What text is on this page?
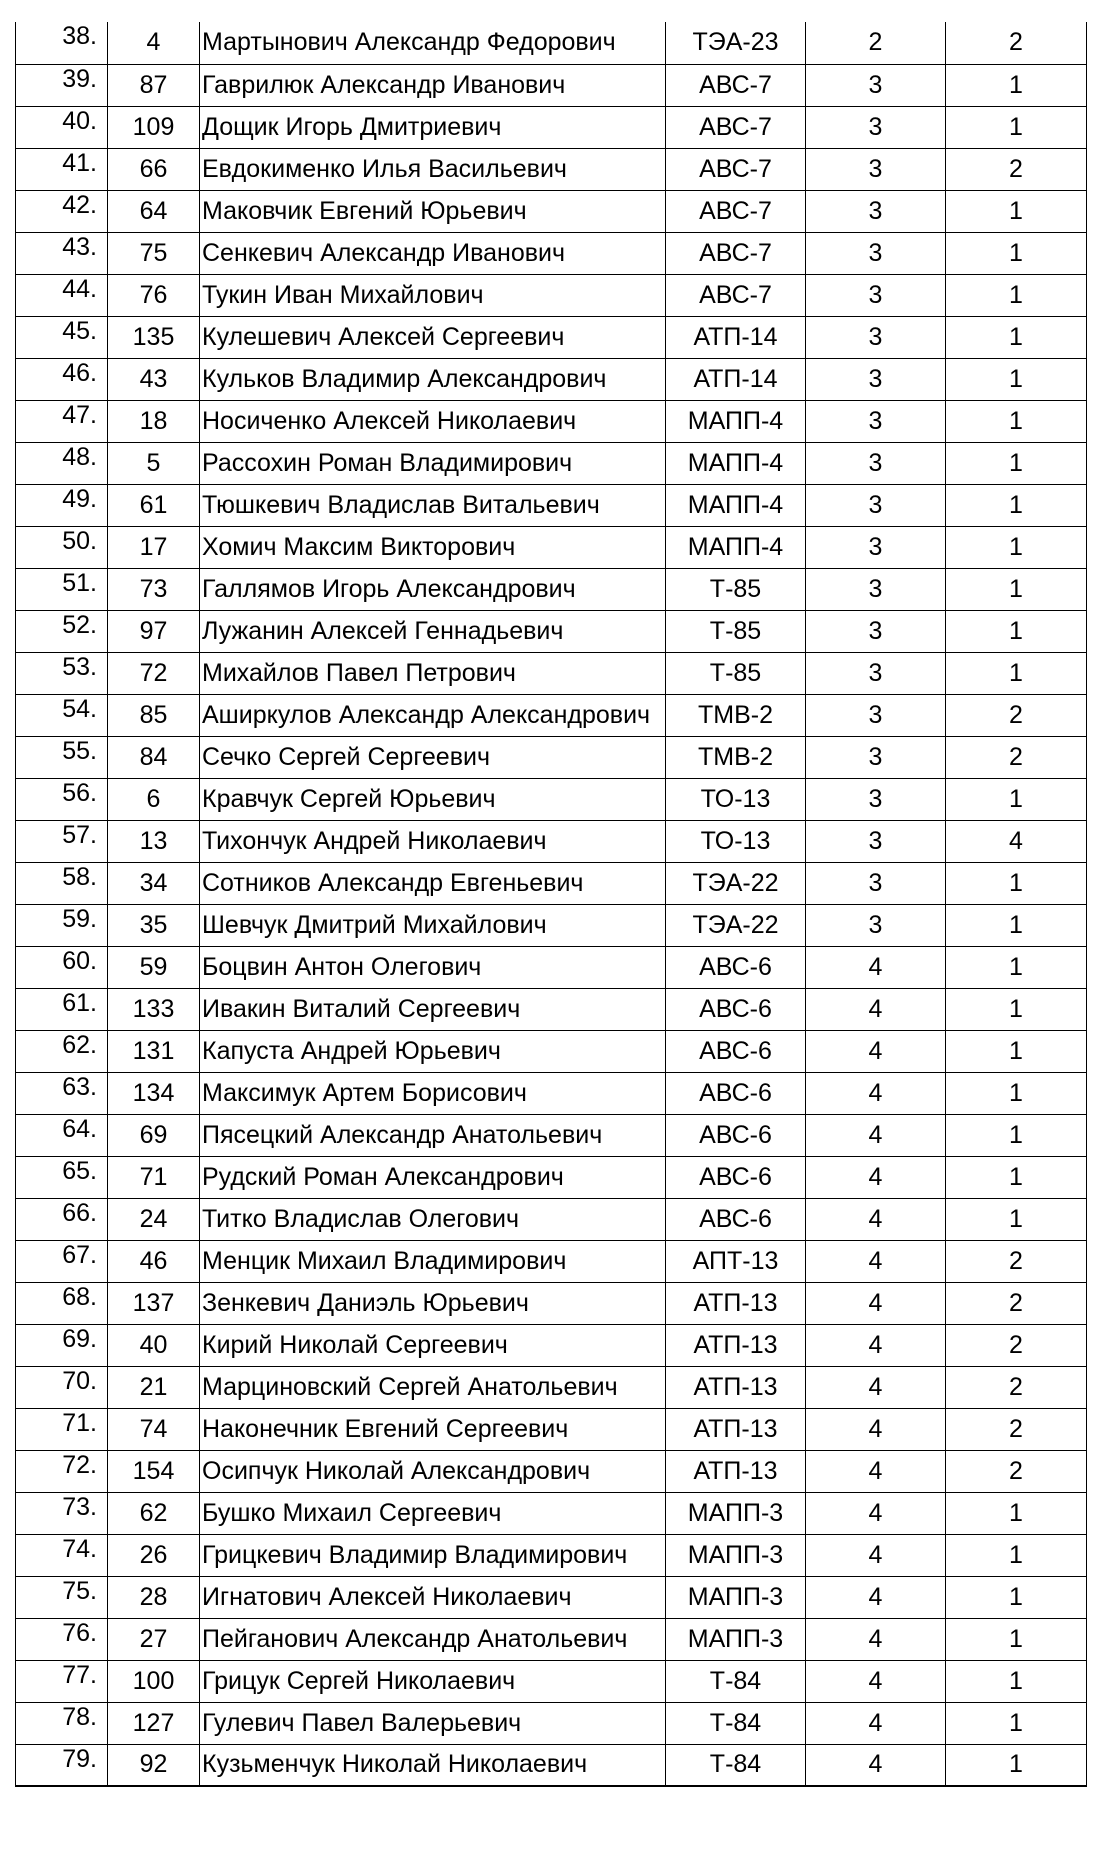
38.	4	Мартынович Александр Федорович	ТЭА-23	2	2
39.	87	Гаврилюк Александр Иванович	АВС-7	3	1
40.	109	Дощик Игорь Дмитриевич	АВС-7	3	1
41.	66	Евдокименко Илья Васильевич	АВС-7	3	2
42.	64	Маковчик Евгений Юрьевич	АВС-7	3	1
43.	75	Сенкевич Александр Иванович	АВС-7	3	1
44.	76	Тукин Иван Михайлович	АВС-7	3	1
45.	135	Кулешевич Алексей Сергеевич	АТП-14	3	1
46.	43	Кульков Владимир Александрович	АТП-14	3	1
47.	18	Носиченко Алексей Николаевич	МАПП-4	3	1
48.	5	Рассохин Роман Владимирович	МАПП-4	3	1
49.	61	Тюшкевич Владислав Витальевич	МАПП-4	3	1
50.	17	Хомич Максим Викторович	МАПП-4	3	1
51.	73	Галлямов Игорь Александрович	Т-85	3	1
52.	97	Лужанин Алексей Геннадьевич	Т-85	3	1
53.	72	Михайлов Павел Петрович	Т-85	3	1
54.	85	Аширкулов Александр Александрович	ТМВ-2	3	2
55.	84	Сечко Сергей Сергеевич	ТМВ-2	3	2
56.	6	Кравчук Сергей Юрьевич	ТО-13	3	1
57.	13	Тихончук Андрей Николаевич	ТО-13	3	4
58.	34	Сотников Александр Евгеньевич	ТЭА-22	3	1
59.	35	Шевчук Дмитрий Михайлович	ТЭА-22	3	1
60.	59	Боцвин Антон Олегович	АВС-6	4	1
61.	133	Ивакин Виталий Сергеевич	АВС-6	4	1
62.	131	Капуста Андрей Юрьевич	АВС-6	4	1
63.	134	Максимук Артем Борисович	АВС-6	4	1
64.	69	Пясецкий Александр Анатольевич	АВС-6	4	1
65.	71	Рудский Роман Александрович	АВС-6	4	1
66.	24	Титко Владислав Олегович	АВС-6	4	1
67.	46	Менцик Михаил Владимирович	АПТ-13	4	2
68.	137	Зенкевич Даниэль Юрьевич	АТП-13	4	2
69.	40	Кирий Николай Сергеевич	АТП-13	4	2
70.	21	Марциновский Сергей Анатольевич	АТП-13	4	2
71.	74	Наконечник Евгений Сергеевич	АТП-13	4	2
72.	154	Осипчук Николай Александрович	АТП-13	4	2
73.	62	Бушко Михаил Сергеевич	МАПП-3	4	1
74.	26	Грицкевич Владимир Владимирович	МАПП-3	4	1
75.	28	Игнатович Алексей Николаевич	МАПП-3	4	1
76.	27	Пейганович Александр Анатольевич	МАПП-3	4	1
77.	100	Грицук Сергей Николаевич	Т-84	4	1
78.	127	Гулевич Павел Валерьевич	Т-84	4	1
79.	92	Кузьменчук Николай Николаевич	Т-84	4	1
